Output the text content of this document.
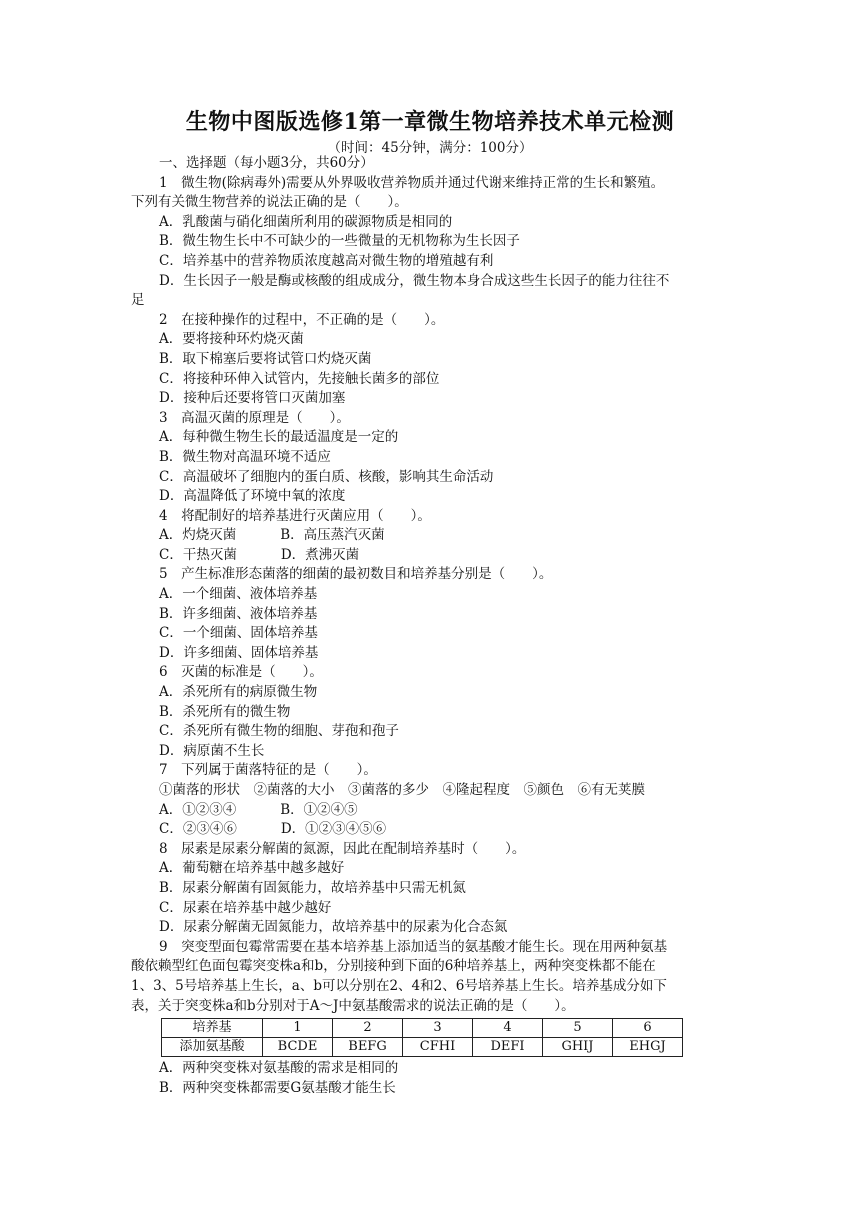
生物中图版选修1第一章微生物培养技术单元检测
（时间：45分钟，满分：100分）
一、选择题（每小题3分，共60分）
1　微生物(除病毒外)需要从外界吸收营养物质并通过代谢来维持正常的生长和繁殖。
下列有关微生物营养的说法正确的是（　　）。
A．乳酸菌与硝化细菌所利用的碳源物质是相同的
B．微生物生长中不可缺少的一些微量的无机物称为生长因子
C．培养基中的营养物质浓度越高对微生物的增殖越有利
D．生长因子一般是酶或核酸的组成成分，微生物本身合成这些生长因子的能力往往不
足
2　在接种操作的过程中，不正确的是（　　）。
A．要将接种环灼烧灭菌
B．取下棉塞后要将试管口灼烧灭菌
C．将接种环伸入试管内，先接触长菌多的部位
D．接种后还要将管口灭菌加塞
3　高温灭菌的原理是（　　）。
A．每种微生物生长的最适温度是一定的
B．微生物对高温环境不适应
C．高温破坏了细胞内的蛋白质、核酸，影响其生命活动
D．高温降低了环境中氧的浓度
4　将配制好的培养基进行灭菌应用（　　）。
A．灼烧灭菌	B．高压蒸汽灭菌
C．干热灭菌	D．煮沸灭菌
5　产生标准形态菌落的细菌的最初数目和培养基分别是（　　）。
A．一个细菌、液体培养基
B．许多细菌、液体培养基
C．一个细菌、固体培养基
D．许多细菌、固体培养基
6　灭菌的标准是（　　）。
A．杀死所有的病原微生物
B．杀死所有的微生物
C．杀死所有微生物的细胞、芽孢和孢子
D．病原菌不生长
7　下列属于菌落特征的是（　　）。
①菌落的形状　②菌落的大小　③菌落的多少　④隆起程度　⑤颜色　⑥有无荚膜
A．①②③④	B．①②④⑤
C．②③④⑥	D．①②③④⑤⑥
8　尿素是尿素分解菌的氮源，因此在配制培养基时（　　）。
A．葡萄糖在培养基中越多越好
B．尿素分解菌有固氮能力，故培养基中只需无机氮
C．尿素在培养基中越少越好
D．尿素分解菌无固氮能力，故培养基中的尿素为化合态氮
9　突变型面包霉常需要在基本培养基上添加适当的氨基酸才能生长。现在用两种氨基
酸依赖型红色面包霉突变株a和b，分别接种到下面的6种培养基上，两种突变株都不能在
1、3、5号培养基上生长，a、b可以分别在2、4和2、6号培养基上生长。培养基成分如下
表，关于突变株a和b分别对于A～J中氨基酸需求的说法正确的是（　　）。
培养基	1	2	3	4	5	6
添加氨基酸	BCDE	BEFG	CFHI	DEFI	GHIJ	EHGJ
A．两种突变株对氨基酸的需求是相同的
B．两种突变株都需要G氨基酸才能生长
